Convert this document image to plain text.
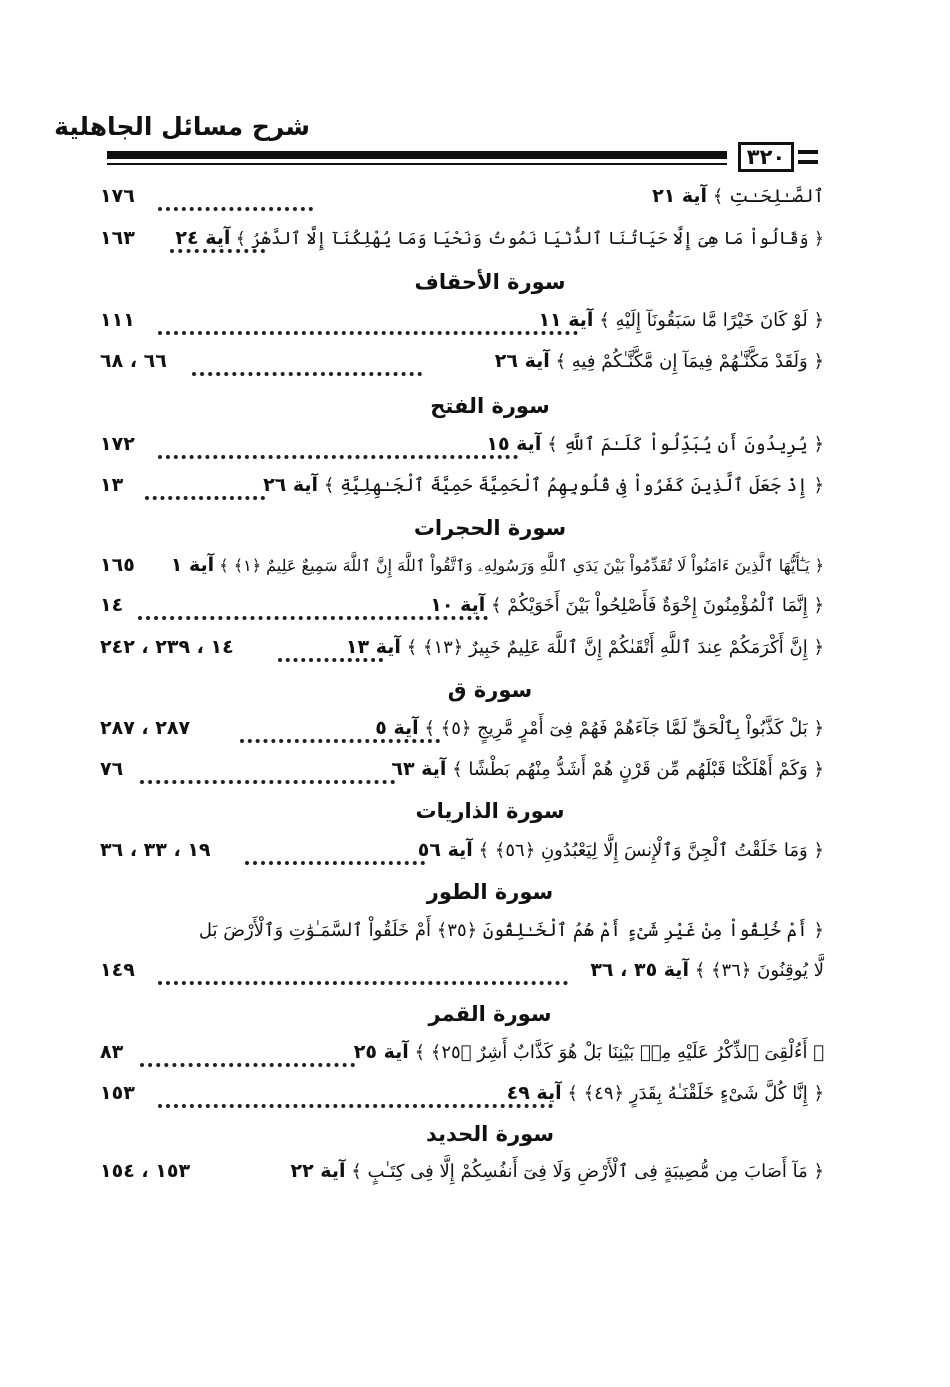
شرح مسائل الجاهلية
٣٢٠
ٱلصَّـٰلِحَـٰتِ ﴾ آية ٢١
١٧٦
﴿ وَقَالُواْ مَا هِىَ إِلَّا حَيَاتُنَا ٱلدُّنْيَا نَمُوتُ وَنَحْيَا وَمَا يُهْلِكُنَآ إِلَّا ٱلدَّهْرُ ﴾ آية ٢٤
١٦٣
سورة الأحقاف
﴿ لَوْ كَانَ خَيْرًا مَّا سَبَقُونَآ إِلَيْهِ ﴾ آية ١١
١١١
﴿ وَلَقَدْ مَكَّنَّـٰهُمْ فِيمَآ إِن مَّكَّنَّـٰكُمْ فِيهِ ﴾ آية ٢٦
٦٦ ، ٦٨
سورة الفتح
﴿ يُرِيدُونَ أَن يُبَدِّلُواْ كَلَـٰمَ ٱللَّهِ ﴾ آية ١٥
١٧٢
﴿ إِذْ جَعَلَ ٱلَّذِينَ كَفَرُواْ فِى قُلُوبِهِمُ ٱلْحَمِيَّةَ حَمِيَّةَ ٱلْجَـٰهِلِيَّةِ ﴾ آية ٢٦
١٣
سورة الحجرات
﴿ يَـٰٓأَيُّهَا ٱلَّذِينَ ءَامَنُواْ لَا تُقَدِّمُواْ بَيْنَ يَدَىِ ٱللَّهِ وَرَسُولِهِۦ وَٱتَّقُواْ ٱللَّهَ إِنَّ ٱللَّهَ سَمِيعٌ عَلِيمٌ ﴿١﴾ ﴾ آية ١
١٦٥
﴿ إِنَّمَا ٱلْمُؤْمِنُونَ إِخْوَةٌ فَأَصْلِحُواْ بَيْنَ أَخَوَيْكُمْ ﴾ آية ١٠
١٤
﴿ إِنَّ أَكْرَمَكُمْ عِندَ ٱللَّهِ أَتْقَىٰكُمْ إِنَّ ٱللَّهَ عَلِيمٌ خَبِيرٌ ﴿١٣﴾ ﴾ آية ١٣
١٤ ، ٢٣٩ ، ٢٤٢
سورة ق
﴿ بَلْ كَذَّبُواْ بِٱلْحَقِّ لَمَّا جَآءَهُمْ فَهُمْ فِىٓ أَمْرٍ مَّرِيجٍ ﴿٥﴾ ﴾ آية ٥
٢٨٧ ، ٢٨٧
﴿ وَكَمْ أَهْلَكْنَا قَبْلَهُم مِّن قَرْنٍ هُمْ أَشَدُّ مِنْهُم بَطْشًا ﴾ آية ٦٣
٧٦
سورة الذاريات
﴿ وَمَا خَلَقْتُ ٱلْجِنَّ وَٱلْإِنسَ إِلَّا لِيَعْبُدُونِ ﴿٥٦﴾ ﴾ آية ٥٦
١٩ ، ٣٣ ، ٣٦
سورة الطور
﴿ أَمْ خُلِقُواْ مِنْ غَيْرِ شَىْءٍ أَمْ هُمُ ٱلْخَـٰلِقُونَ ﴿٣٥﴾ أَمْ خَلَقُواْ ٱلسَّمَـٰوَٰتِ وَٱلْأَرْضَ بَل
لَّا يُوقِنُونَ ﴿٣٦﴾ ﴾ آية ٣٥ ، ٣٦
١٤٩
سورة القمر
﴿ أَءُلْقِىَ ٱلذِّكْرُ عَلَيْهِ مِنۢ بَيْنِنَا بَلْ هُوَ كَذَّابٌ أَشِرٌ ﴿٢٥﴾ ﴾ آية ٢٥
٨٣
﴿ إِنَّا كُلَّ شَىْءٍ خَلَقْنَـٰهُ بِقَدَرٍ ﴿٤٩﴾ ﴾ آية ٤٩
١٥٣
سورة الحديد
﴿ مَآ أَصَابَ مِن مُّصِيبَةٍ فِى ٱلْأَرْضِ وَلَا فِىٓ أَنفُسِكُمْ إِلَّا فِى كِتَـٰبٍ ﴾ آية ٢٢
١٥٣ ، ١٥٤
